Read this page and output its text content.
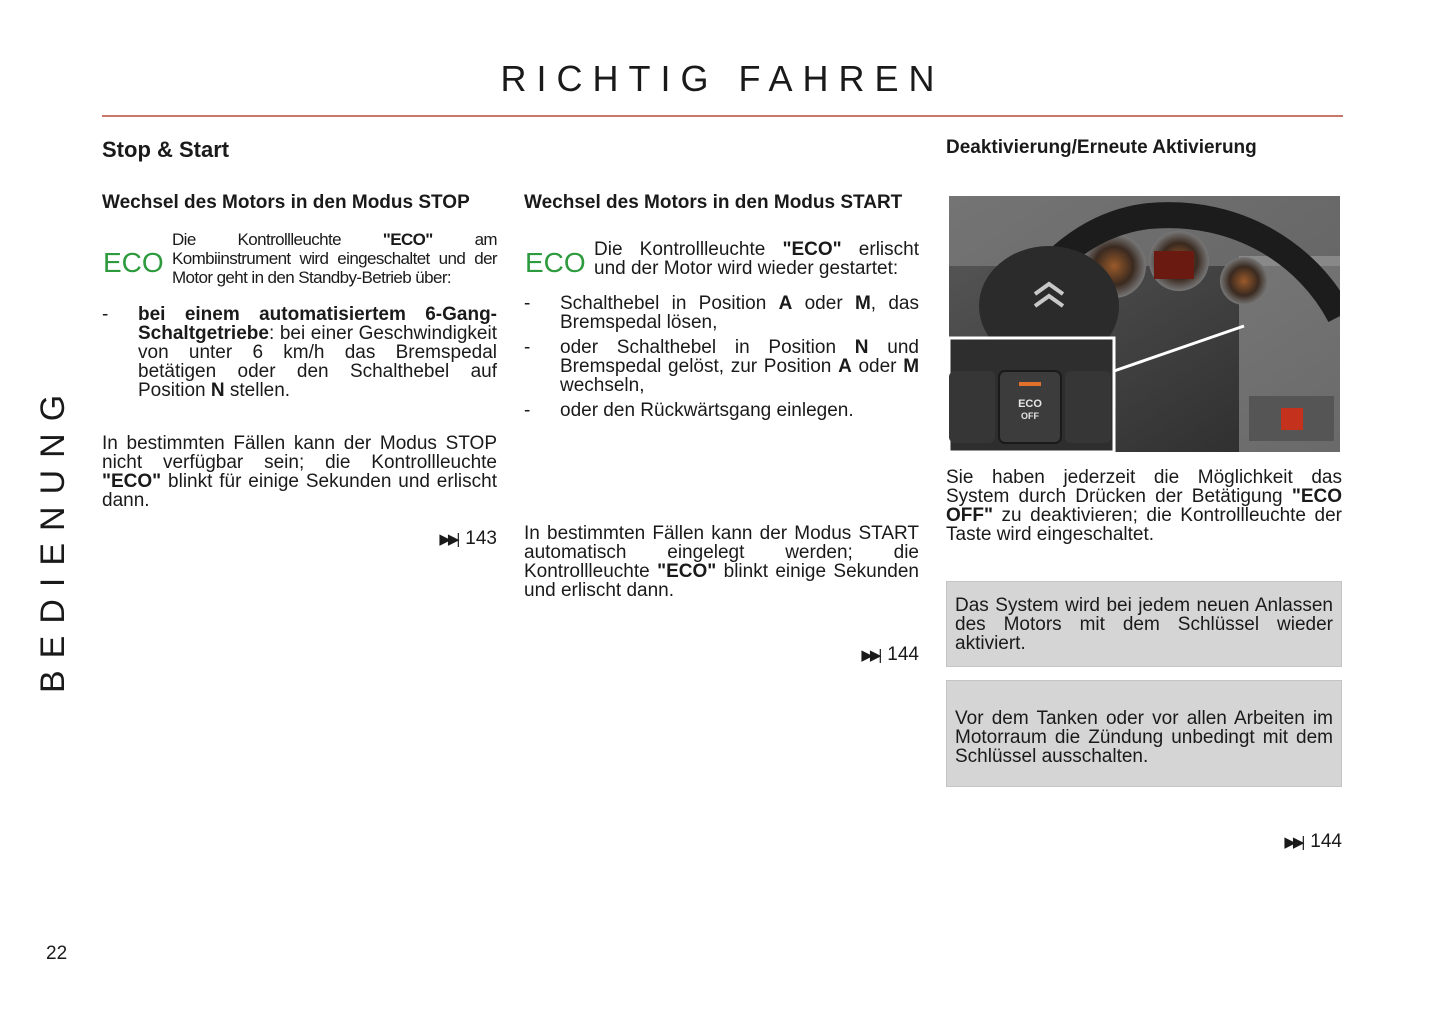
RICHTIG FAHREN
BEDIENUNG
22
Stop & Start
Wechsel des Motors in den Modus STOP
ECO
Die Kontrollleuchte "ECO" am Kombiinstrument wird eingeschaltet und der Motor geht in den Standby-Betrieb über:
- bei einem automatisiertem 6-Gang-Schaltgetriebe: bei einer Geschwindigkeit von unter 6 km/h das Bremspedal betätigen oder den Schalthebel auf Position N stellen.
In bestimmten Fällen kann der Modus STOP nicht verfügbar sein; die Kontrollleuchte "ECO" blinkt für einige Sekunden und erlischt dann.
▶▶| 143
Wechsel des Motors in den Modus START
ECO Die Kontrollleuchte "ECO" erlischt und der Motor wird wieder gestartet:
- Schalthebel in Position A oder M, das Bremspedal lösen,
- oder Schalthebel in Position N und Bremspedal gelöst, zur Position A oder M wechseln,
- oder den Rückwärtsgang einlegen.
In bestimmten Fällen kann der Modus START automatisch eingelegt werden; die Kontrollleuchte "ECO" blinkt einige Sekunden und erlischt dann.
▶▶| 144
Deaktivierung/Erneute Aktivierung
ECO
OFF
Sie haben jederzeit die Möglichkeit das System durch Drücken der Betätigung "ECO OFF" zu deaktivieren; die Kontrollleuchte der Taste wird eingeschaltet.
Das System wird bei jedem neuen Anlassen des Motors mit dem Schlüssel wieder aktiviert.
Vor dem Tanken oder vor allen Arbeiten im Motorraum die Zündung unbedingt mit dem Schlüssel ausschalten.
▶▶| 144
